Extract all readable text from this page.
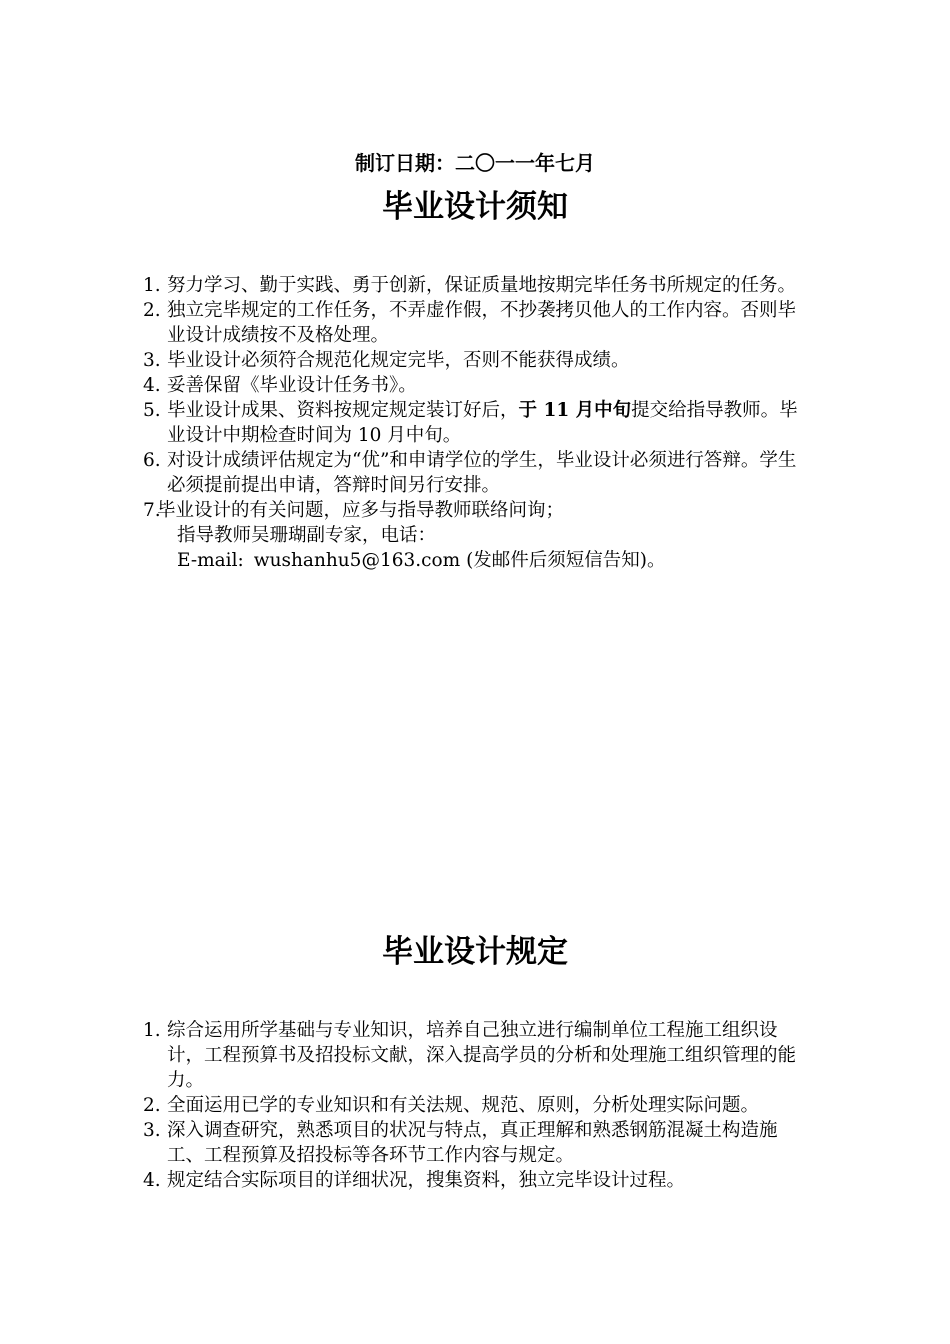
制订日期：二〇一一年七月
毕业设计须知
1. 努力学习、勤于实践、勇于创新，保证质量地按期完毕任务书所规定的任务。
2. 独立完毕规定的工作任务，不弄虚作假，不抄袭拷贝他人的工作内容。否则毕业设计成绩按不及格处理。
3. 毕业设计必须符合规范化规定完毕，否则不能获得成绩。
4. 妥善保留《毕业设计任务书》。
5. 毕业设计成果、资料按规定规定装订好后，于 11 月中旬提交给指导教师。毕业设计中期检查时间为 10 月中旬。
6. 对设计成绩评估规定为“优”和申请学位的学生，毕业设计必须进行答辩。学生必须提前提出申请，答辩时间另行安排。
7.毕业设计的有关问题，应多与指导教师联络问询；
指导教师吴珊瑚副专家，电话：
E-mail: wushanhu5@163.com (发邮件后须短信告知)。
毕业设计规定
1. 综合运用所学基础与专业知识，培养自己独立进行编制单位工程施工组织设计，工程预算书及招投标文献，深入提高学员的分析和处理施工组织管理的能力。
2. 全面运用已学的专业知识和有关法规、规范、原则，分析处理实际问题。
3. 深入调查研究，熟悉项目的状况与特点，真正理解和熟悉钢筋混凝土构造施工、工程预算及招投标等各环节工作内容与规定。
4. 规定结合实际项目的详细状况，搜集资料，独立完毕设计过程。
